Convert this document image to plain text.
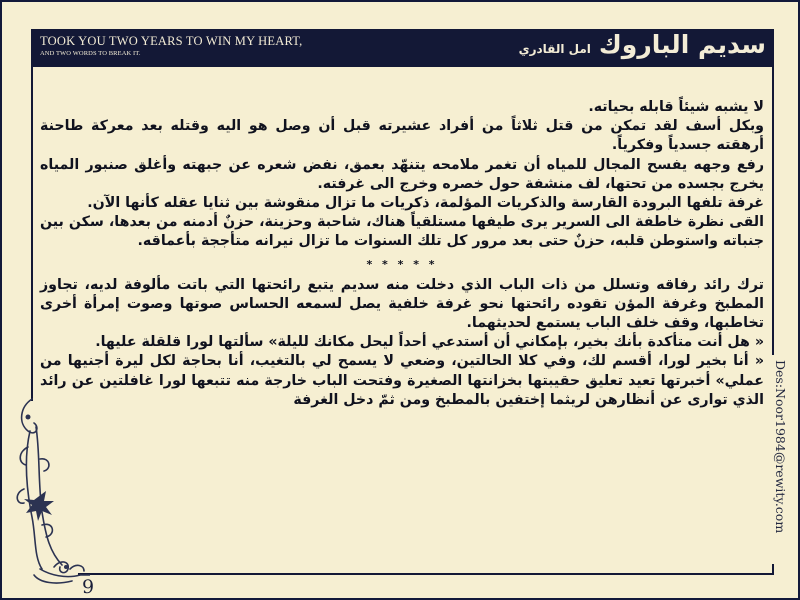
TOOK YOU TWO YEARS TO WIN MY HEART,
AND TWO WORDS TO BREAK IT.	سديم الباروك
امل القادري

لا يشبه شيئاً قابله بحياته.

وبكل أسف لقد تمكن من قتل ثلاثاً من أفراد عشيرته قبل أن وصل هو اليه وقتله بعد معركة طاحنة أرهقته جسدياً وفكرياً.

رفع وجهه يفسح المجال للمياه أن تغمر ملامحه يتنهّد بعمق، نفض شعره عن جبهته وأغلق صنبور المياه يخرج بجسده من تحتها، لف منشفة حول خصره وخرج الى غرفته.

غرفة تلفها البرودة القارسة والذكريات المؤلمة، ذكريات ما تزال منقوشة بين ثنايا عقله كأنها الآن.

القى نظرة خاطفة الى السرير يرى طيفها مستلقياً هناك، شاحبة وحزينة، حزنٌ أدمنه من بعدها، سكن بين جنباته واستوطن قلبه، حزنٌ حتى بعد مرور كل تلك السنوات ما تزال نيرانه متأججة بأعماقه.

* * * * *

ترك رائد رفاقه وتسلل من ذات الباب الذي دخلت منه سديم يتبع رائحتها التي باتت مألوفة لديه، تجاوز المطبخ وغرفة المؤن تقوده رائحتها نحو غرفة خلفية يصل لسمعه الحساس صوتها وصوت إمرأة أخرى تخاطبها، وقف خلف الباب يستمع لحديثهما.

« هل أنت متأكدة بأنك بخير، بإمكاني أن أستدعي أحداً ليحل مكانك لليلة» سألتها لورا قلقلة عليها.

« أنا بخير لورا، أقسم لك، وفي كلا الحالتين، وضعي لا يسمح لي بالتغيب، أنا بحاجة لكل ليرة أجنيها من عملي» أخبرتها تعيد تعليق حقيبتها بخزانتها الصغيرة وفتحت الباب خارجة منه تتبعها لورا غافلتين عن رائد الذي توارى عن أنظارهن لريثما إختفين بالمطبخ ومن ثمّ دخل الغرفة Des:Noor1984@rewity.com
9
